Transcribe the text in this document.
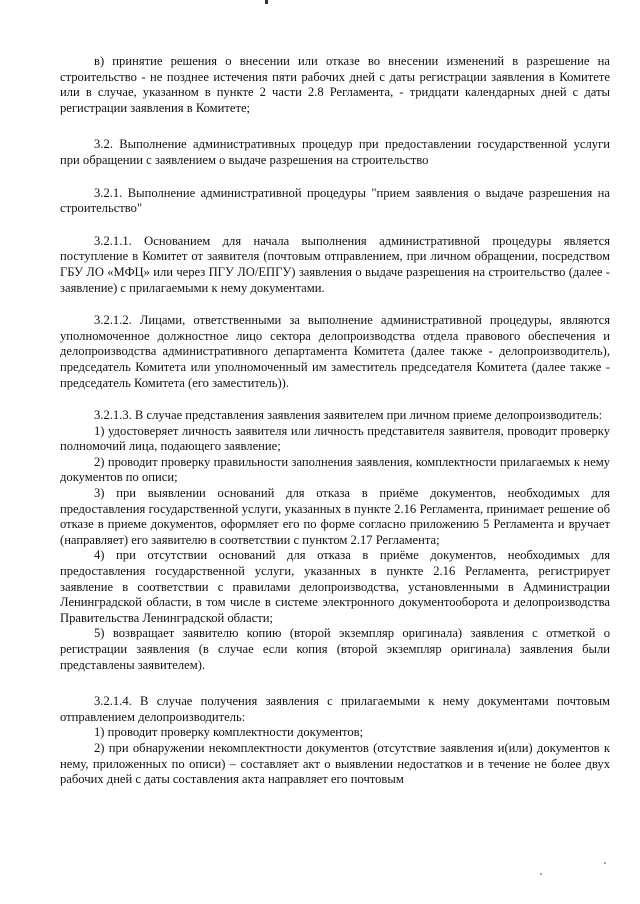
в) принятие решения о внесении или отказе во внесении изменений в разрешение на строительство - не позднее истечения пяти рабочих дней с даты регистрации заявления в Комитете или в случае, указанном в пункте 2 части 2.8 Регламента, - тридцати календарных дней с даты регистрации заявления в Комитете;

3.2. Выполнение административных процедур при предоставлении государственной услуги при обращении с заявлением о выдаче разрешения на строительство

3.2.1. Выполнение административной процедуры "прием заявления о выдаче разрешения на строительство"

3.2.1.1. Основанием для начала выполнения административной процедуры является поступление в Комитет от заявителя (почтовым отправлением, при личном обращении, посредством ГБУ ЛО «МФЦ» или через ПГУ ЛО/ЕПГУ) заявления о выдаче разрешения на строительство (далее - заявление) с прилагаемыми к нему документами.

3.2.1.2. Лицами, ответственными за выполнение административной процедуры, являются уполномоченное должностное лицо сектора делопроизводства отдела правового обеспечения и делопроизводства административного департамента Комитета (далее также - делопроизводитель), председатель Комитета или уполномоченный им заместитель председателя Комитета (далее также - председатель Комитета (его заместитель)).

3.2.1.3. В случае представления заявления заявителем при личном приеме делопроизводитель:

1) удостоверяет личность заявителя или личность представителя заявителя, проводит проверку полномочий лица, подающего заявление;

2) проводит проверку правильности заполнения заявления, комплектности прилагаемых к нему документов по описи;

3) при выявлении оснований для отказа в приёме документов, необходимых для предоставления государственной услуги, указанных в пункте 2.16 Регламента, принимает решение об отказе в приеме документов, оформляет его по форме согласно приложению 5 Регламента и вручает (направляет) его заявителю в соответствии с пунктом 2.17 Регламента;

4) при отсутствии оснований для отказа в приёме документов, необходимых для предоставления государственной услуги, указанных в пункте 2.16 Регламента, регистрирует заявление в соответствии с правилами делопроизводства, установленными в Администрации Ленинградской области, в том числе в системе электронного документооборота и делопроизводства Правительства Ленинградской области;

5) возвращает заявителю копию (второй экземпляр оригинала) заявления с отметкой о регистрации заявления (в случае если копия (второй экземпляр оригинала) заявления были представлены заявителем).

3.2.1.4. В случае получения заявления с прилагаемыми к нему документами почтовым отправлением делопроизводитель:

1) проводит проверку комплектности документов;

2) при обнаружении некомплектности документов (отсутствие заявления и(или) документов к нему, приложенных по описи) – составляет акт о выявлении недостатков и в течение не более двух рабочих дней с даты составления акта направляет его почтовым
